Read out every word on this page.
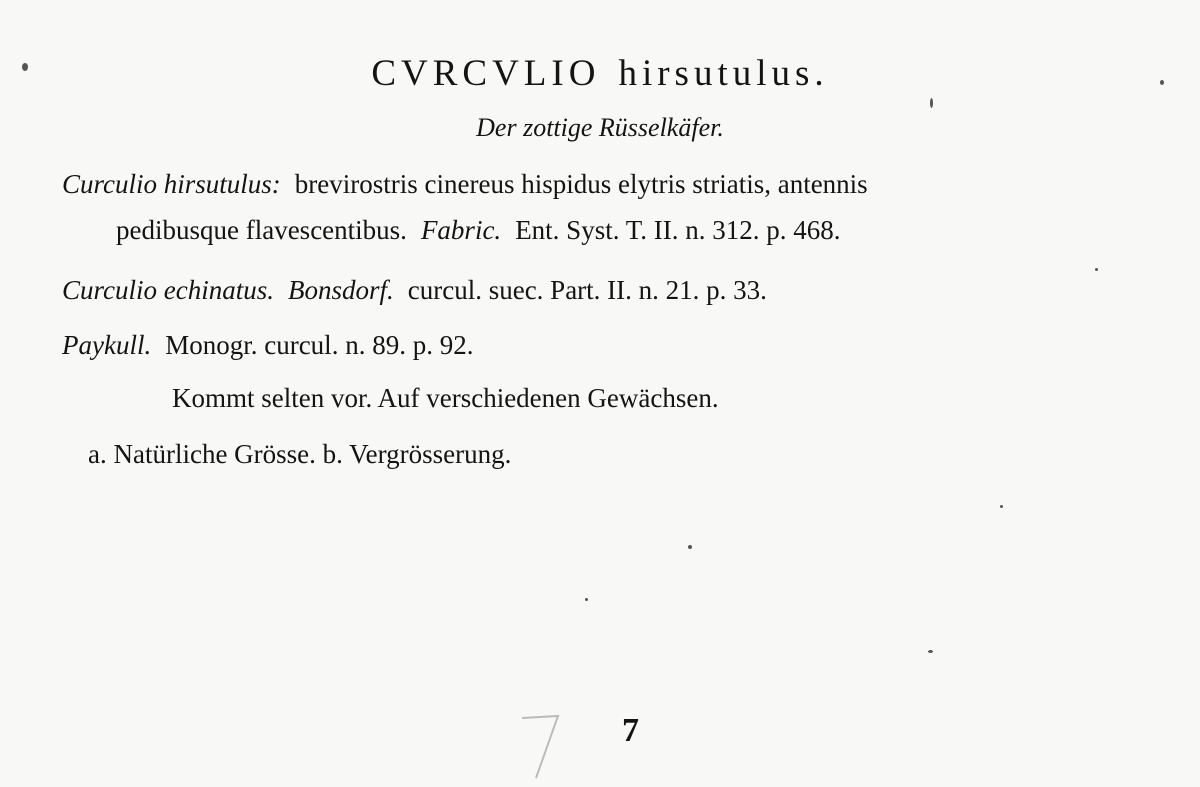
CVRCVLIO hirsutulus.
Der zottige Rüsselkäfer.
Curculio hirsutulus: brevirostris cinereus hispidus elytris striatis, antennis
pedibusque flavescentibus. Fabric. Ent. Syst. T. II. n. 312. p. 468.
Curculio echinatus. Bonsdorf. curcul. suec. Part. II. n. 21. p. 33.
Paykull. Monogr. curcul. n. 89. p. 92.
Kommt selten vor. Auf verschiedenen Gewächsen.
a. Natürliche Grösse. b. Vergrösserung.
7
